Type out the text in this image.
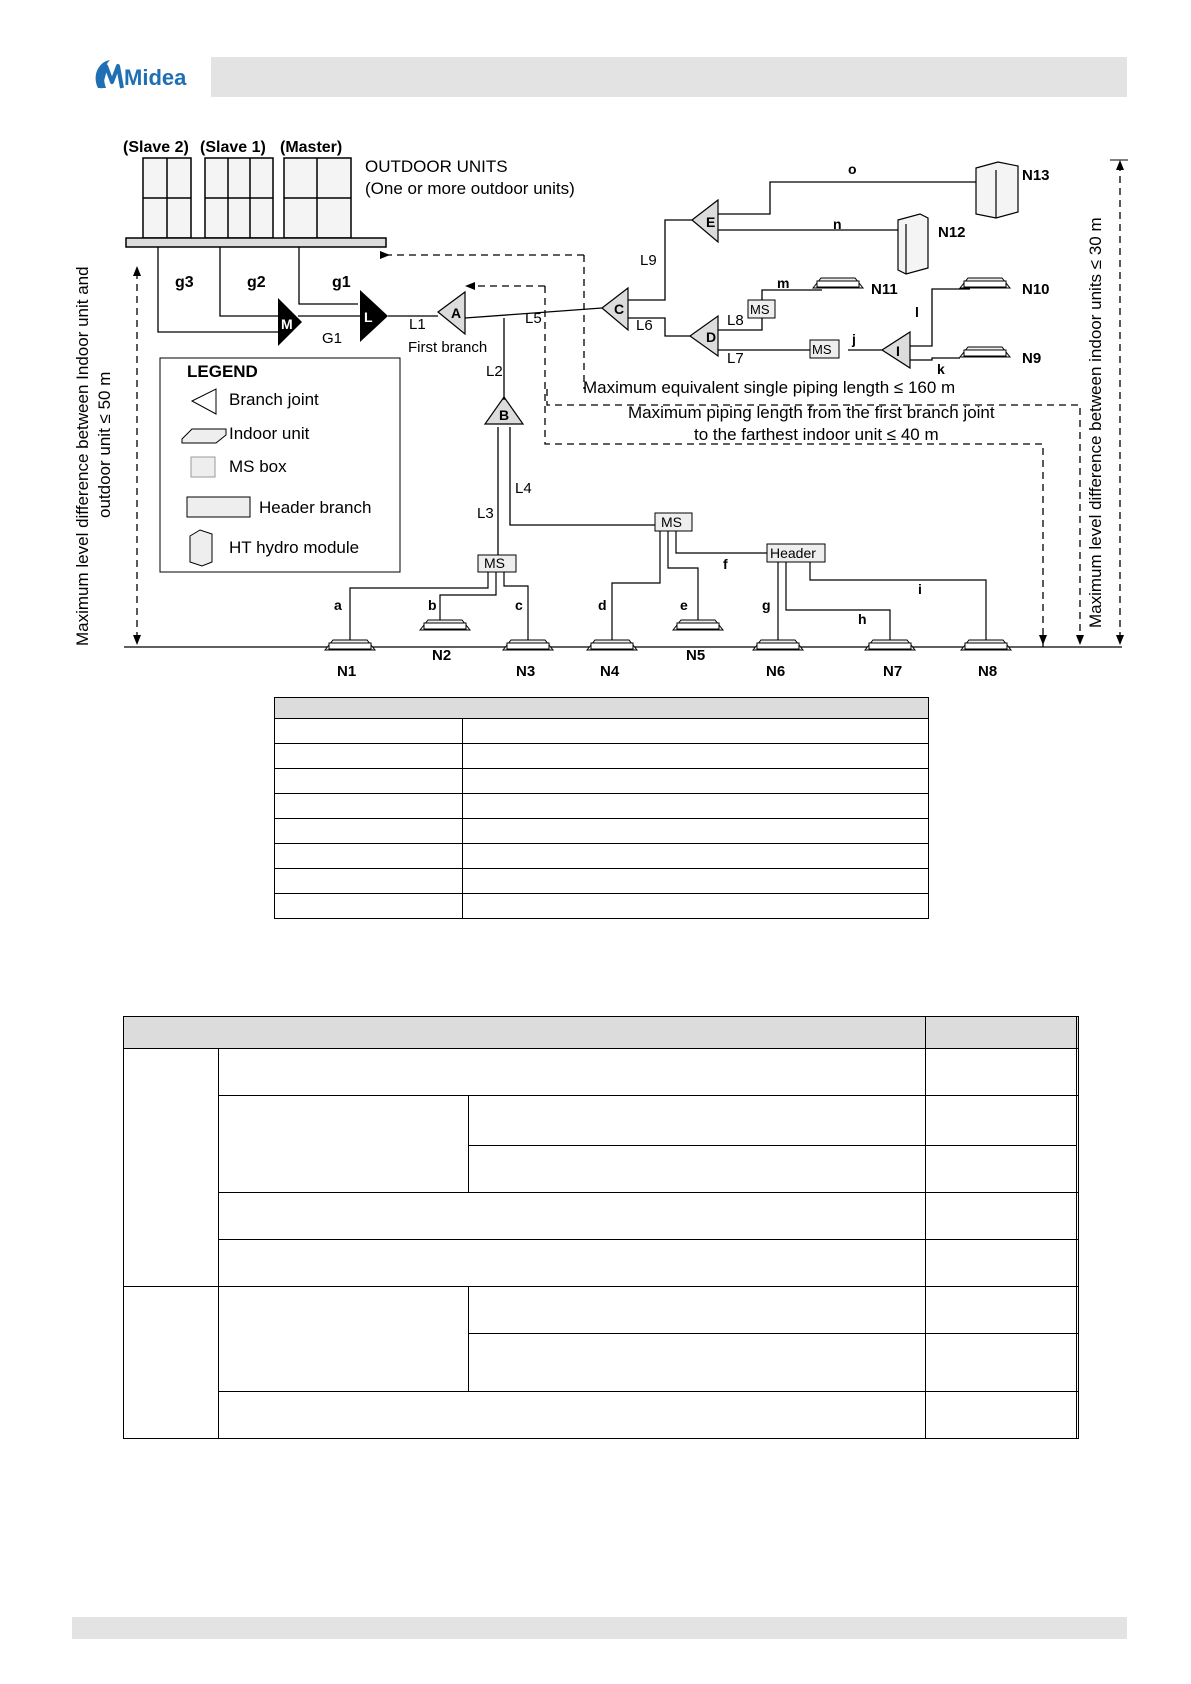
Midea
(Slave 2) (Slave 1) (Master)
OUTDOOR UNITS
(One or more outdoor units)
g3	g2	g1
G1
M	L L1
First branch
A
B
C
E
D
I
L5
L2
L3
L4
L9
L6	L8
L7
o
n
m
j
l
k
MS
MS
MS
MS
Header
a	b	c	d	e
f
g
h
i
N1
N2
N3	N4
N5
N6	N7	N8
N9
N10
N11
N12
N13
Maximum equivalent single piping length ≤ 160 m
Maximum piping length from the first branch joint
to the farthest indoor unit ≤ 40 m
Maximum level difference between Indoor unit and outdoor unit ≤ 50 m	Maximum level difference between indoor units ≤ 30 m
LEGEND
Branch joint
Indoor unit
MS box
Header branch
HT hydro module
